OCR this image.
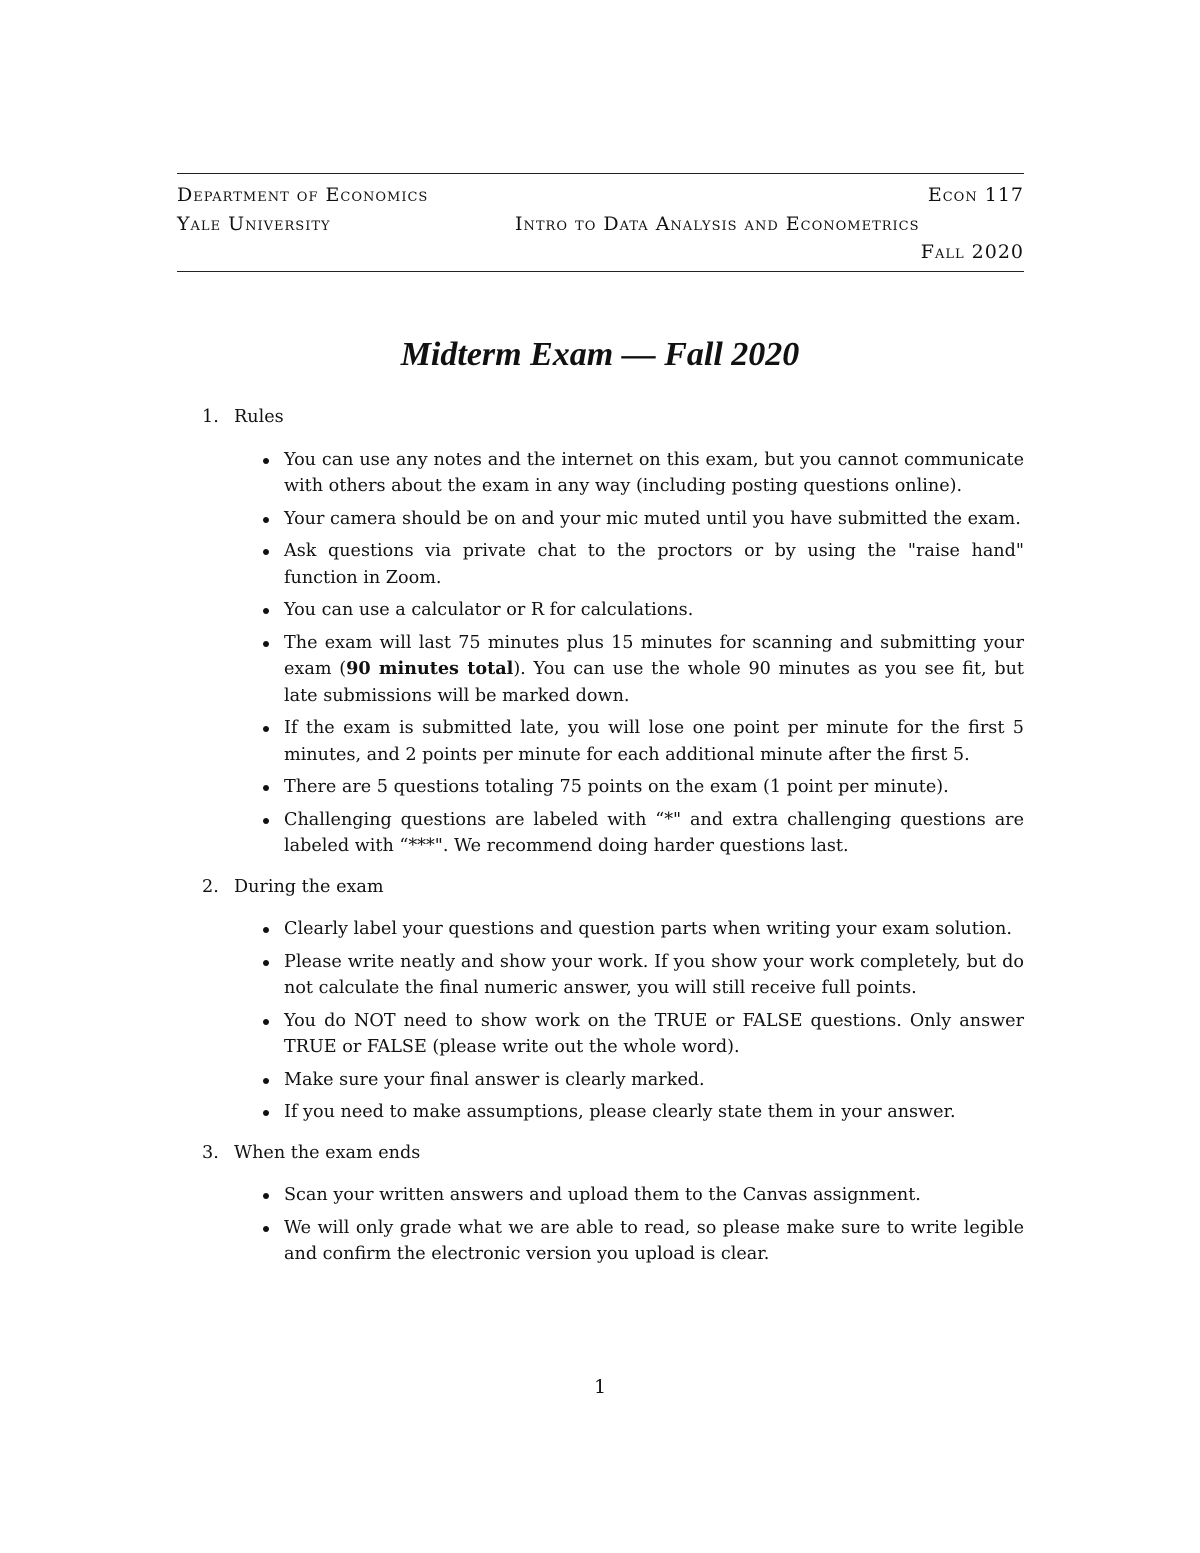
Department of Economics	Econ 117
Yale University	Intro to Data Analysis and Econometrics
Fall 2020
Midterm Exam — Fall 2020
1. Rules
You can use any notes and the internet on this exam, but you cannot communicate with others about the exam in any way (including posting questions online).
Your camera should be on and your mic muted until you have submitted the exam.
Ask questions via private chat to the proctors or by using the "raise hand" function in Zoom.
You can use a calculator or R for calculations.
The exam will last 75 minutes plus 15 minutes for scanning and submitting your exam (90 minutes total). You can use the whole 90 minutes as you see fit, but late submissions will be marked down.
If the exam is submitted late, you will lose one point per minute for the first 5 minutes, and 2 points per minute for each additional minute after the first 5.
There are 5 questions totaling 75 points on the exam (1 point per minute).
Challenging questions are labeled with “*" and extra challenging questions are labeled with “***". We recommend doing harder questions last.
2. During the exam
Clearly label your questions and question parts when writing your exam solution.
Please write neatly and show your work. If you show your work completely, but do not calculate the final numeric answer, you will still receive full points.
You do NOT need to show work on the TRUE or FALSE questions. Only answer TRUE or FALSE (please write out the whole word).
Make sure your final answer is clearly marked.
If you need to make assumptions, please clearly state them in your answer.
3. When the exam ends
Scan your written answers and upload them to the Canvas assignment.
We will only grade what we are able to read, so please make sure to write legible and confirm the electronic version you upload is clear.
1
